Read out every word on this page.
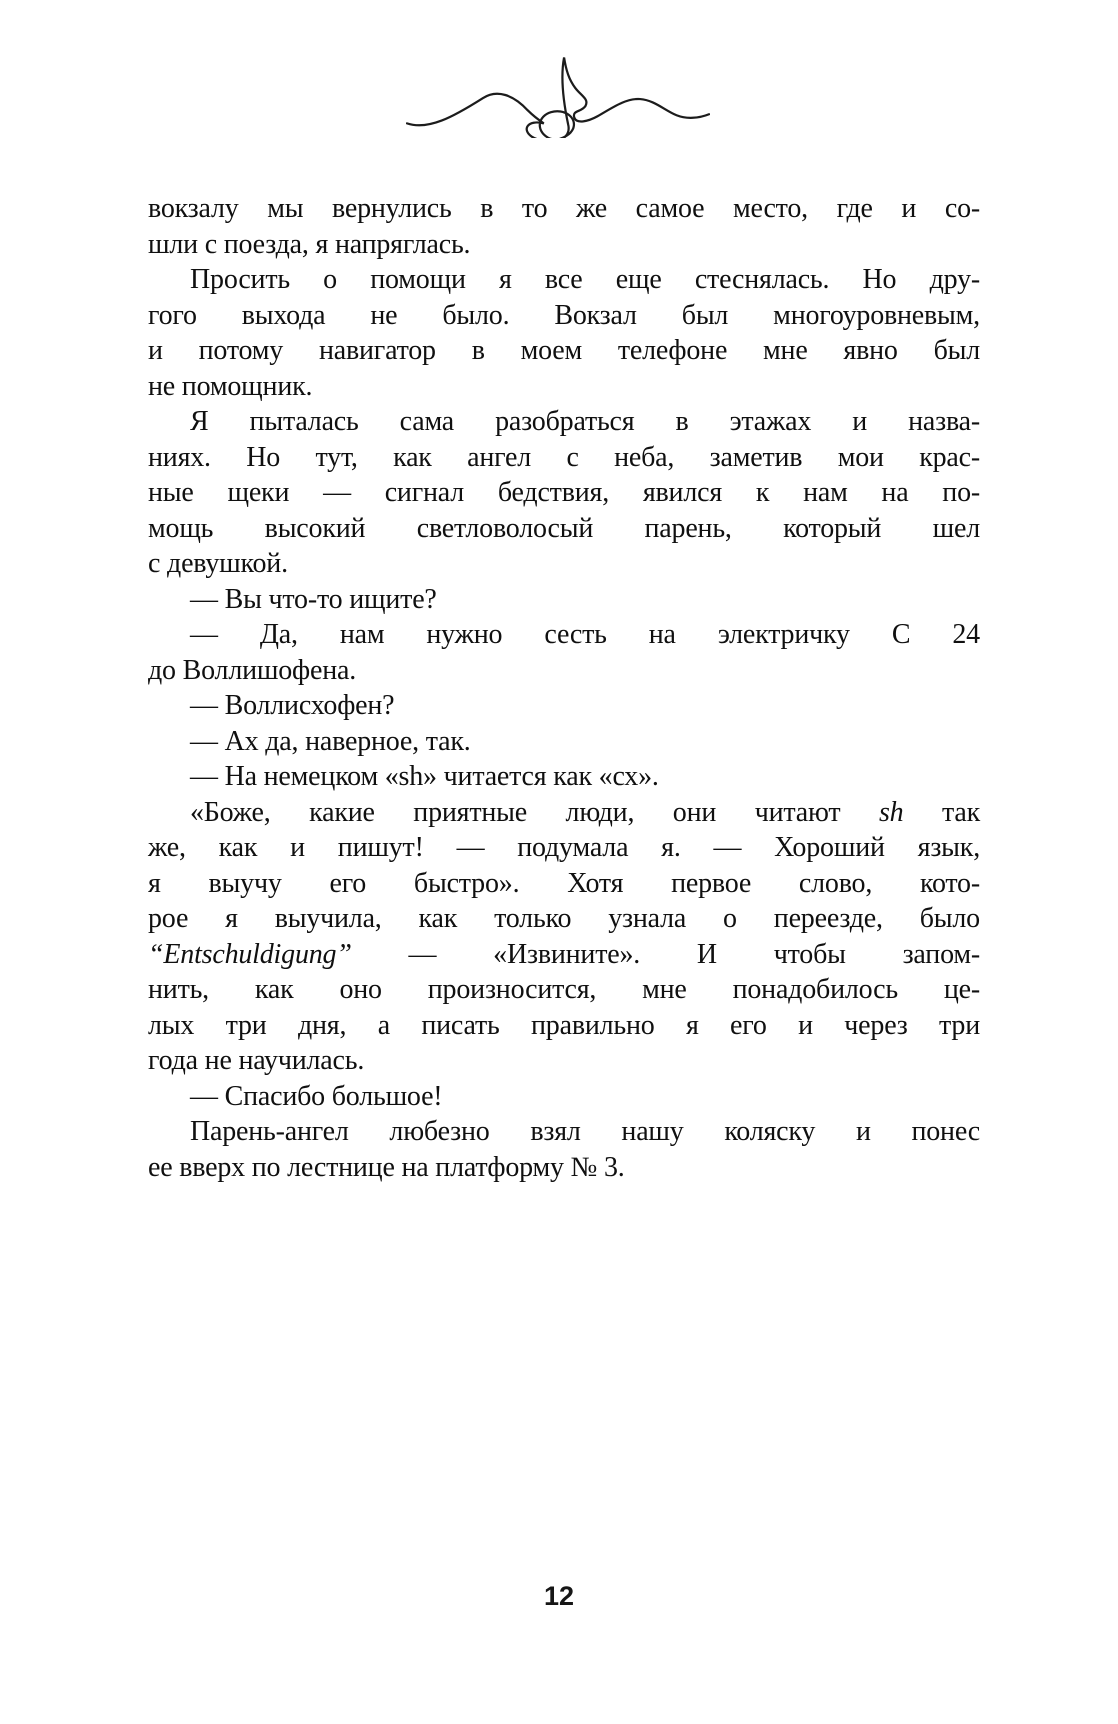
вокзалу мы вернулись в то же самое место, где и со-
шли с поезда, я напряглась.
Просить о помощи я все еще стеснялась. Но дру-
гого выхода не было. Вокзал был многоуровневым,
и потому навигатор в моем телефоне мне явно был
не помощник.
Я пыталась сама разобраться в этажах и назва-
ниях. Но тут, как ангел с неба, заметив мои крас-
ные щеки — сигнал бедствия, явился к нам на по-
мощь высокий светловолосый парень, который шел
с девушкой.
— Вы что-то ищите?
— Да, нам нужно сесть на электричку С 24
до Воллишофена.
— Воллисхофен?
— Ах да, наверное, так.
— На немецком «sh» читается как «сх».
«Боже, какие приятные люди, они читают sh так
же, как и пишут! — подумала я. — Хороший язык,
я выучу его быстро». Хотя первое слово, кото-
рое я выучила, как только узнала о переезде, было
“Entschuldigung” — «Извините». И чтобы запом-
нить, как оно произносится, мне понадобилось це-
лых три дня, а писать правильно я его и через три
года не научилась.
— Спасибо большое!
Парень-ангел любезно взял нашу коляску и понес
ее вверх по лестнице на платформу № 3.
12
